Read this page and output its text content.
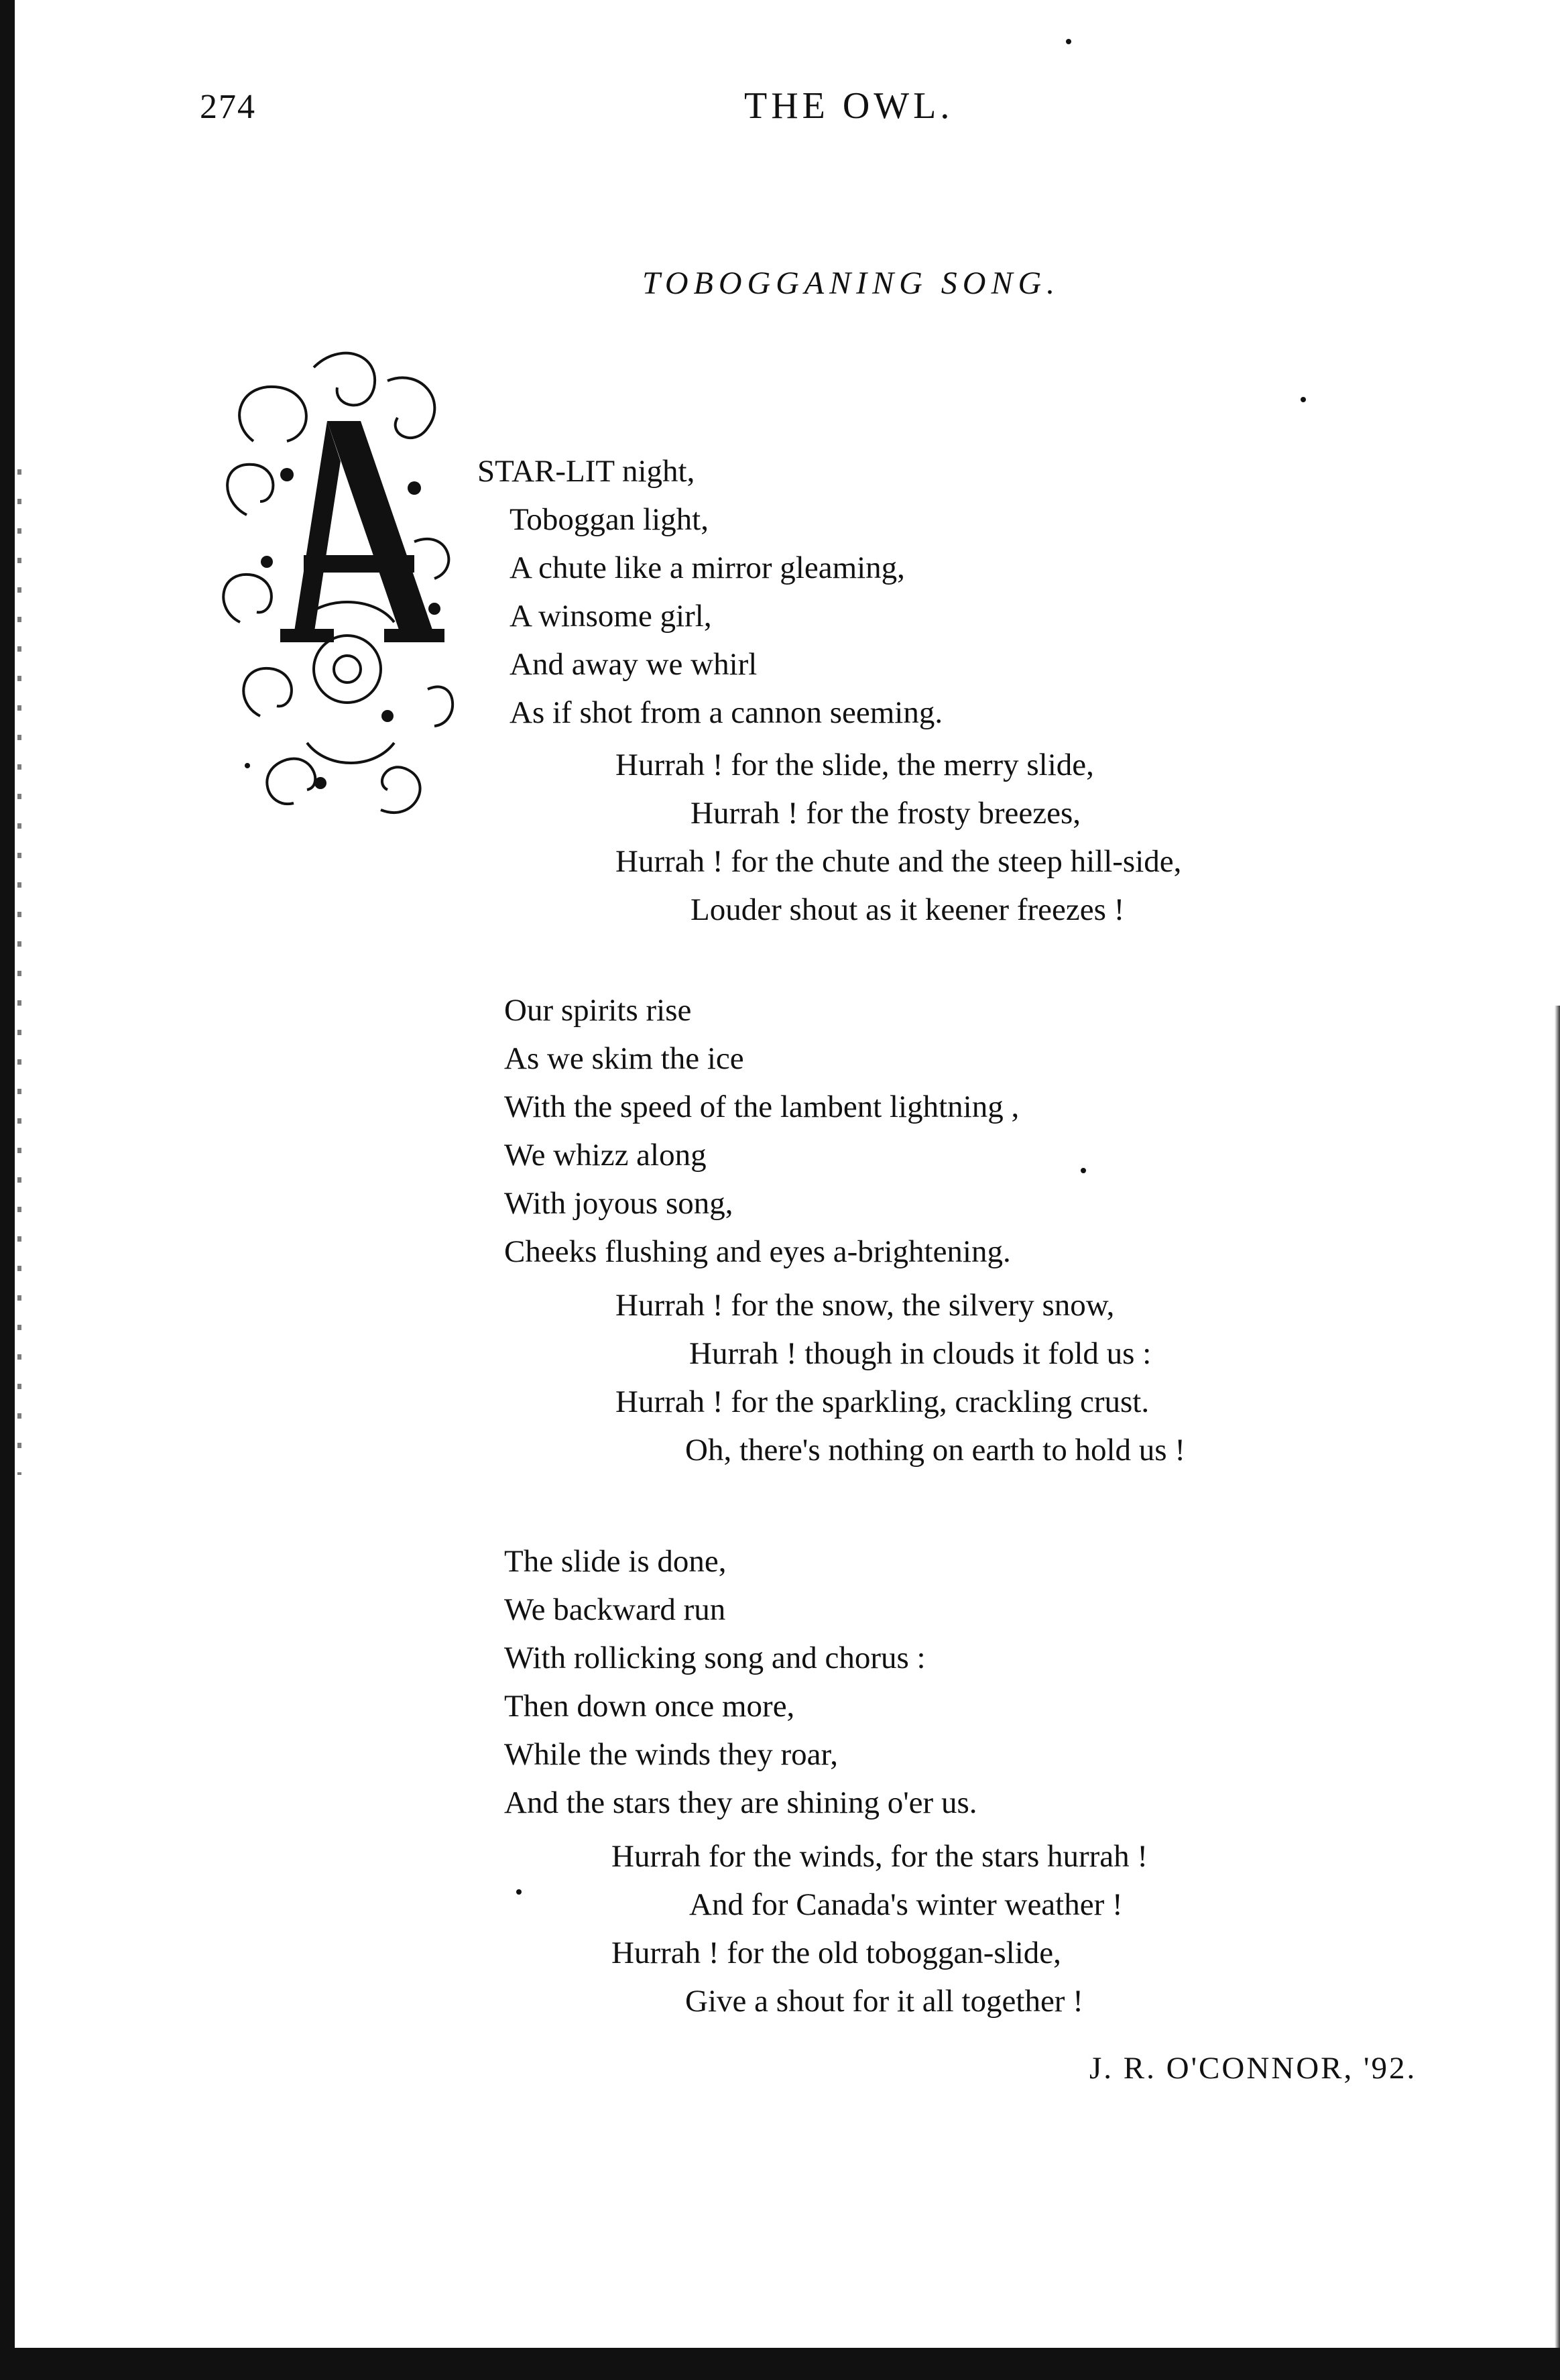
274	THE OWL.
TOBOGGANING SONG.
STAR-LIT night,
Toboggan light,
A chute like a mirror gleaming,
A winsome girl,
And away we whirl
As if shot from a cannon seeming.
Hurrah ! for the slide, the merry slide,
Hurrah ! for the frosty breezes,
Hurrah ! for the chute and the steep hill-side,
Louder shout as it keener freezes !
Our spirits rise
As we skim the ice
With the speed of the lambent lightning ,
We whizz along
With joyous song,
Cheeks flushing and eyes a-brightening.
Hurrah ! for the snow, the silvery snow,
Hurrah ! though in clouds it fold us :
Hurrah ! for the sparkling, crackling crust.
Oh, there's nothing on earth to hold us !
The slide is done,
We backward run
With rollicking song and chorus :
Then down once more,
While the winds they roar,
And the stars they are shining o'er us.
Hurrah for the winds, for the stars hurrah !
And for Canada's winter weather !
Hurrah ! for the old toboggan-slide,
Give a shout for it all together !
J. R. O'CONNOR, '92.
